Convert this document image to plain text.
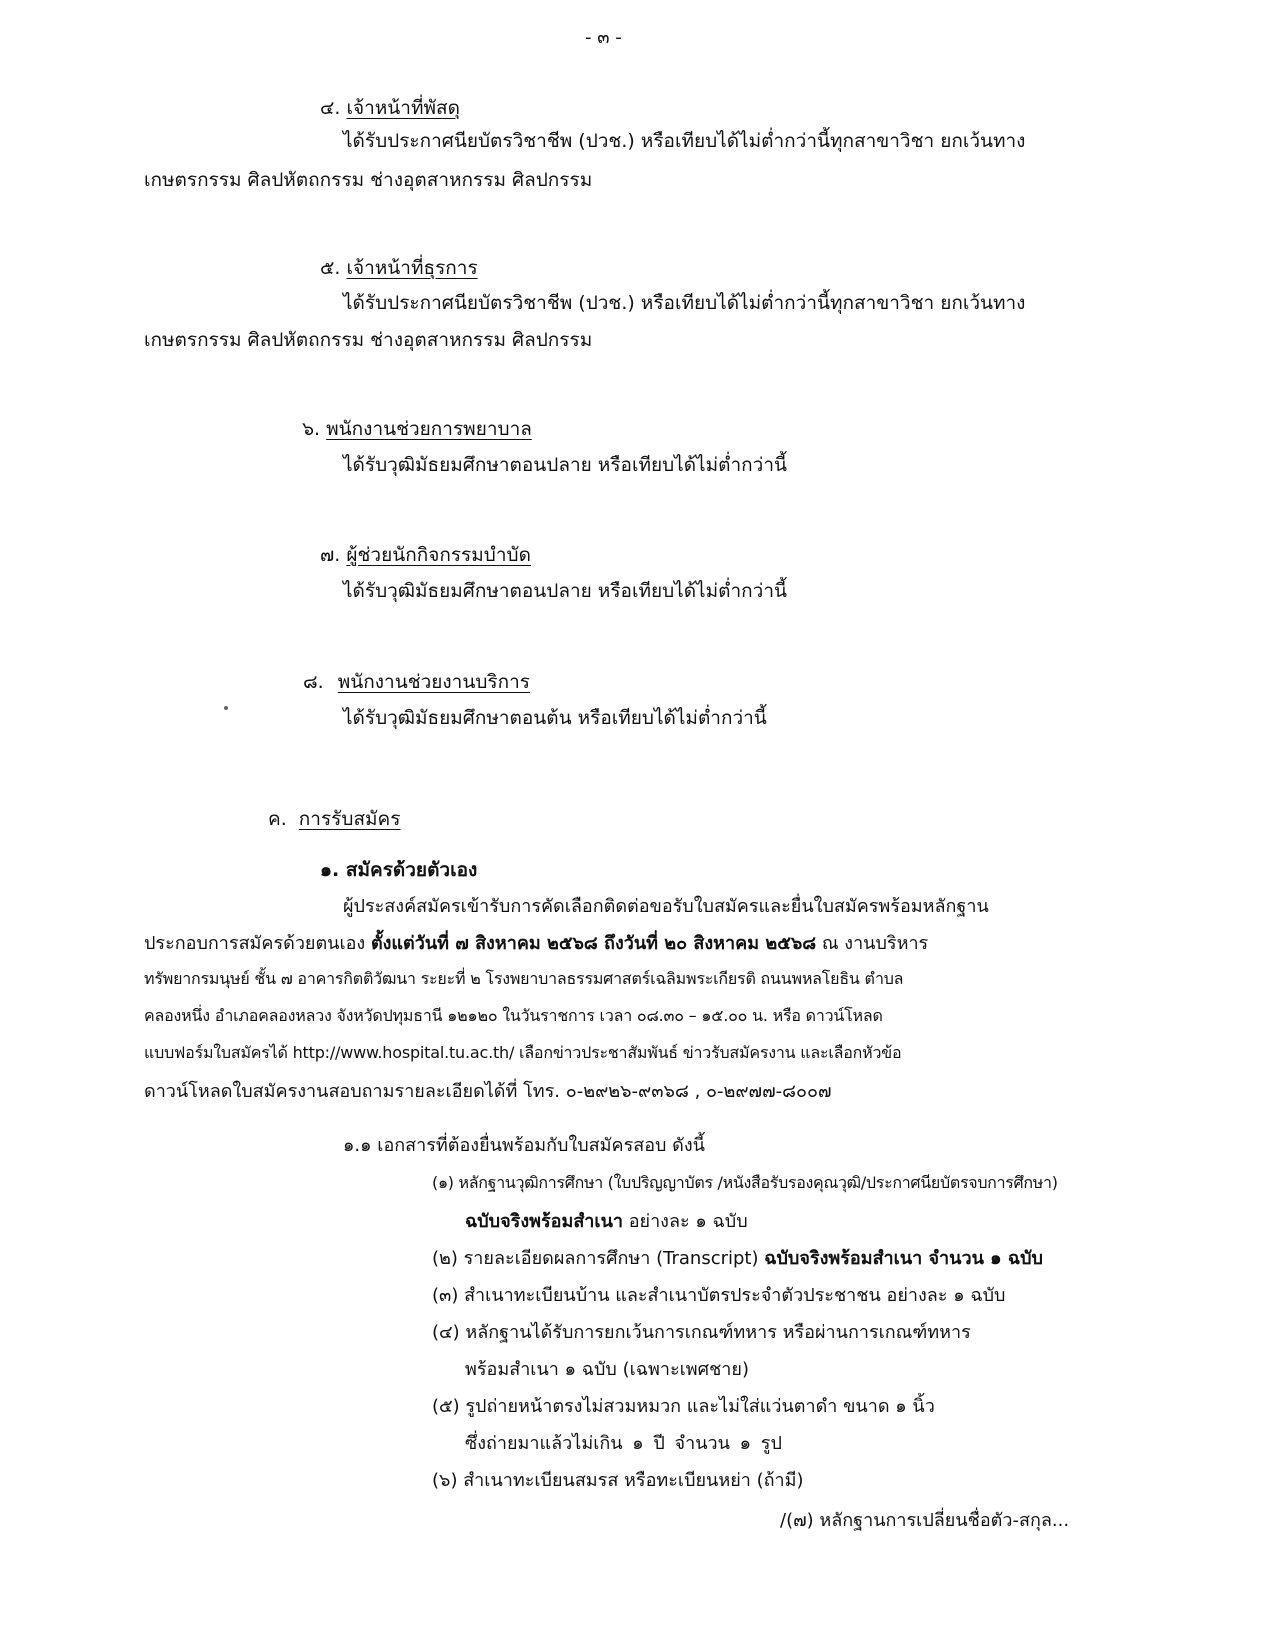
- ๓ -

๔. เจ้าหน้าที่พัสดุ

ได้รับประกาศนียบัตรวิชาชีพ (ปวช.) หรือเทียบได้ไม่ต่ำกว่านี้ทุกสาขาวิชา ยกเว้นทาง

เกษตรกรรม ศิลปหัตถกรรม ช่างอุตสาหกรรม ศิลปกรรม

๕. เจ้าหน้าที่ธุรการ

ได้รับประกาศนียบัตรวิชาชีพ (ปวช.) หรือเทียบได้ไม่ต่ำกว่านี้ทุกสาขาวิชา ยกเว้นทาง

เกษตรกรรม ศิลปหัตถกรรม ช่างอุตสาหกรรม ศิลปกรรม

๖. พนักงานช่วยการพยาบาล

ได้รับวุฒิมัธยมศึกษาตอนปลาย หรือเทียบได้ไม่ต่ำกว่านี้

๗. ผู้ช่วยนักกิจกรรมบำบัด

ได้รับวุฒิมัธยมศึกษาตอนปลาย หรือเทียบได้ไม่ต่ำกว่านี้

๘. พนักงานช่วยงานบริการ

ได้รับวุฒิมัธยมศึกษาตอนต้น หรือเทียบได้ไม่ต่ำกว่านี้

ค. การรับสมัคร

๑. สมัครด้วยตัวเอง

ผู้ประสงค์สมัครเข้ารับการคัดเลือกติดต่อขอรับใบสมัครและยื่นใบสมัครพร้อมหลักฐาน

ประกอบการสมัครด้วยตนเอง ตั้งแต่วันที่ ๗ สิงหาคม ๒๕๖๘ ถึงวันที่ ๒๐ สิงหาคม ๒๕๖๘ ณ งานบริหาร

ทรัพยากรมนุษย์ ชั้น ๗ อาคารกิตติวัฒนา ระยะที่ ๒ โรงพยาบาลธรรมศาสตร์เฉลิมพระเกียรติ ถนนพหลโยธิน ตำบล

คลองหนึ่ง อำเภอคลองหลวง จังหวัดปทุมธานี ๑๒๑๒๐ ในวันราชการ เวลา ๐๘.๓๐ – ๑๕.๐๐ น. หรือ ดาวน์โหลด

แบบฟอร์มใบสมัครได้ http://www.hospital.tu.ac.th/ เลือกข่าวประชาสัมพันธ์ ข่าวรับสมัครงาน และเลือกหัวข้อ

ดาวน์โหลดใบสมัครงานสอบถามรายละเอียดได้ที่ โทร. ๐-๒๙๒๖-๙๓๖๘ , ๐-๒๙๗๗-๘๐๐๗

๑.๑ เอกสารที่ต้องยื่นพร้อมกับใบสมัครสอบ ดังนี้

(๑) หลักฐานวุฒิการศึกษา (ใบปริญญาบัตร /หนังสือรับรองคุณวุฒิ/ประกาศนียบัตรจบการศึกษา)

ฉบับจริงพร้อมสำเนา อย่างละ ๑ ฉบับ

(๒) รายละเอียดผลการศึกษา (Transcript) ฉบับจริงพร้อมสำเนา จำนวน ๑ ฉบับ

(๓) สำเนาทะเบียนบ้าน และสำเนาบัตรประจำตัวประชาชน อย่างละ ๑ ฉบับ

(๔) หลักฐานได้รับการยกเว้นการเกณฑ์ทหาร หรือผ่านการเกณฑ์ทหาร

พร้อมสำเนา ๑ ฉบับ (เฉพาะเพศชาย)

(๕) รูปถ่ายหน้าตรงไม่สวมหมวก และไม่ใส่แว่นตาดำ ขนาด ๑ นิ้ว

ซึ่งถ่ายมาแล้วไม่เกิน ๑ ปี จำนวน ๑ รูป

(๖) สำเนาทะเบียนสมรส หรือทะเบียนหย่า (ถ้ามี)

/(๗) หลักฐานการเปลี่ยนชื่อตัว-สกุล...
